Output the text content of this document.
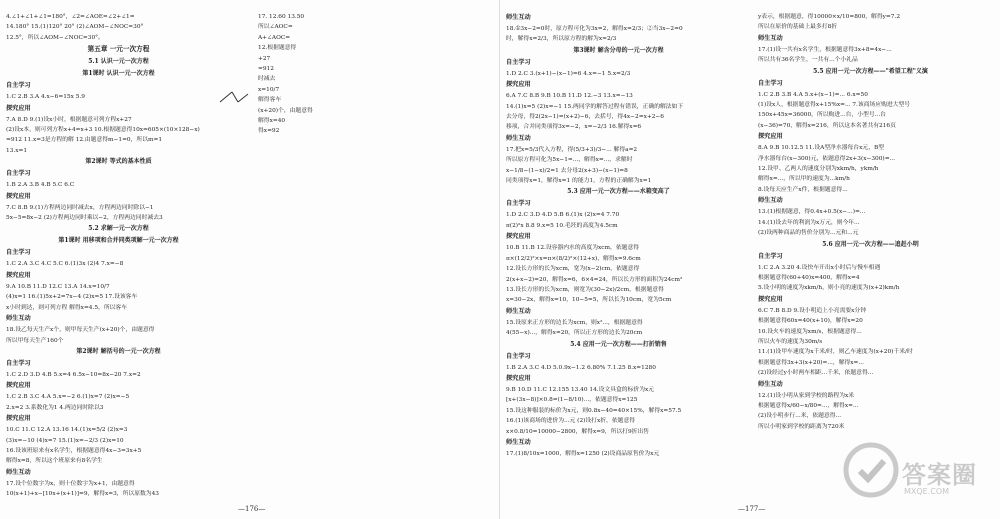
4.∠1+∠1+∠1=180°，∠2=∠AOE=∠2+∠1=

14.180° 15.(1)120° 20° (2)∠AOM−∠NOC=30°

12.5°，所以∠AOM−∠NOC=30°。

第五章 一元一次方程

5.1 认识一元一次方程

第1课时 认识一元一次方程

自主学习

1.C 2.B 3.A 4.x−6=15x 5.9

探究应用

7.A 8.D 9.(1)设x小时，根据题意可列方程x+27

(2)设x本，则可列方程x+4=x+3 10.根据题意得10x=605×(10×128−x)

=912 11.x=3是方程的解 12.由题意得m−1=0，所以m=1

13.x=1

第2课时 等式的基本性质

自主学习

1.B 2.A 3.B 4.B 5.C 6.C

探究应用

7.C 8.B 9.(1)方程两边同时减去x，方程两边同时除以−1

5x−5=8x−2 (2)方程两边同时乘以−2，方程两边同时减去3

5.2 求解一元一次方程

第1课时 用移项和合并同类项解一元一次方程

自主学习

1.C 2.A 3.C 4.C 5.C 6.(1)3x (2)4 7.x=−8

探究应用

9.A 10.B 11.D 12.C 13.A 14.x=10/7

(4)x=1 16.(1)5x+2=7x−4 (2)x=5 17.设该客车

x小时到达，则可列方程 解得x=4.5，所以客车

师生互动

18.设乙每天生产x个，则甲每天生产(x+20)个，由题意得

所以甲每天生产160个

第2课时 解括号的一元一次方程

自主学习

1.C 2.D 3.D 4.B 5.x=4 6.5x−10=8x−20 7.x=2

探究应用

1.C 2.B 3.C 4.A 5.x=−2 6.(1)x=7 (2)x=−5

2.x=2 3.系数化为1 4.两边同时除以3

探究应用

10.C 11.C 12.A 13.16 14.(1)x=5/2 (2)x=3

(3)x=−10 (4)x=7 15.(1)x=−2/3 (2)x=10

16.设该班原来有x名学生，根据题意得4x−3=3x+5

解得x=8，所以这个班原来有8名学生

师生互动

17.设个位数字为x，则十位数字为x+1，由题意得

10(x+1)+x−[10x+(x+1)]=9，解得x=3，所以原数为43

17. 12.60 13.50

所以∠AOC=

A+∠AOC=

12.根据题意得

+27

=912

时减去

x=10/7

解得客车

(x+20)个，由题意得

解得x=40

得x=92

—176—

师生互动

18.①3x−2=0时，原方程可化为3x=2，解得x=2/3；②当3x−2=0

时，解得x=2/3，所以原方程的解为x=2/3

第3课时 解含分母的一元一次方程

自主学习

1.D 2.C 3.(x+1)−(x−1)=6 4.x=−1 5.x=2/3

探究应用

6.A 7.C 8.B 9.B 10.B 11.D 12.−3 13.x=−13

14.(1)x=5 (2)x=−1 15.两同学的解答过程有错误，正确的解法如下

去分母，得2(2x−1)=(x+2)−6，去括号，得4x−2=x+2−6

移项，合并同类项得3x=−2，x=−2/3 16.解得x=6

师生互动

17.把x=5/3代入方程，得(5/3+3)/3−... 解得a=2

所以原方程可化为5x−1=...，解得x=...，求解时

x−1/8−(1−x)/2=1 去分母2(x+3)−(x−1)=8

同类项得x=1，解得x=1 的能力1，方程的正确解为x=1

5.3 应用一元一次方程——水箱变高了

自主学习

1.D 2.C 3.D 4.D 5.B 6.(1)x (2)x=4 7.70

π(2)²x 8.8 9.x=5 10.毛坯的高度为4.5cm

探究应用

10.B 11.B 12.设容器内水的高度为xcm，依题意得

π×(12/2)²×x=π×(8/2)²×(12+x)，解得x=9.6cm

12.设长方形的长为xcm，宽为(x−2)cm，依题意得

2(x+x−2)=20，解得x=6，6×4=24，所以长方形的面积为24cm²

13.设长方形的长为xcm，则宽为(30−2x)/2cm，根据题意得

x=30−2x，解得x=10，10−5=5，所以长为10cm，宽为5cm

师生互动

15.设原来正方形的边长为xcm，则x²...，根据题意得

4(55−x)...，解得x=20，所以正方形的边长为20cm

5.4 应用一元一次方程——打折销售

自主学习

1.B 2.A 3.C 4.D 5.0.9x−1.2 6.80% 7.1.25 8.x=1280

探究应用

9.B 10.D 11.C 12.155 13.40 14.设文具盒的标价为x元

[x+(3x−8)]×0.8=(1−8/10)...，依题意得x=125

15.设这种服装的标价为x元，则0.8x−40=40×15%，解得x=57.5

16.(1)该商场的进价为...元 (2)设打x折，依题意得

x×0.8/10=10000−2800，解得x=9，所以打9折出售

师生互动

17.(1)8/10x=1000，解得x=1250 (2)设商品原售价为x元

y表示，根据题意，得10000×x/10=800，解得y=7.2

所以在原价的基础上最多打8折

师生互动

17.(1)设一共有x名学生，根据题意得3x+8=4x−...

所以共有36名学生，一共有...个小礼品

5.5 应用一元一次方程——"希望工程"义演

自主学习

1.C 2.B 3.B 4.A 5.x+(x−1)=... 6.x=50

(1)设x人，根据题意得x+15%x=... 7.该商场应购进大型号

150x+45x=36000，所以购进...台，小型号...台

(x−36)=70，解得x=216，所以这本名著共有216页

探究应用

8.A 9.B 10.12.5 11.设A型净水器每台x元，B型

净水器每台(x−300)元，依题意得2x+3(x−300)=...

12.设甲、乙两人的速度分别为xkm/h，ykm/h

解得x=...，所以甲的速度为...km/h

8.设每天应生产x件，根据题意得...

师生互动

13.(1)根据题意，得0.4x+0.5(x−...)=...

14.(1)设去年的利润为x万元，则今年...

(2)设两种商品的售价分别为...元和...元

5.6 应用一元一次方程——追赶小明

自主学习

1.C 2.A 3.20 4.设快车开出x小时后与慢车相遇

根据题意得(60+40)x=400，解得x=4

5.设小明的速度为xkm/h，则小亮的速度为(x+2)km/h

探究应用

6.C 7.B 8.D 9.设小明追上小亮需要x分钟

根据题意得60x=40(x+10)，解得x=20

10.设火车的速度为xm/s，根据题意得...

所以火车的速度为30m/s

11.(1)设甲车速度为x千米/时，则乙车速度为(x+20)千米/时

根据题意得3x+3(x+20)=...，解得x=...

(2)设经过y小时两车相距...千米，依题意得...

师生互动

12.(1)设小明从家到学校的路程为x米

根据题意得x/60−x/80=...，解得x=...

(2)设小明步行...米，依题意得...

所以小明家到学校的距离为720米

—177—
答案圈
MXQE.COM
